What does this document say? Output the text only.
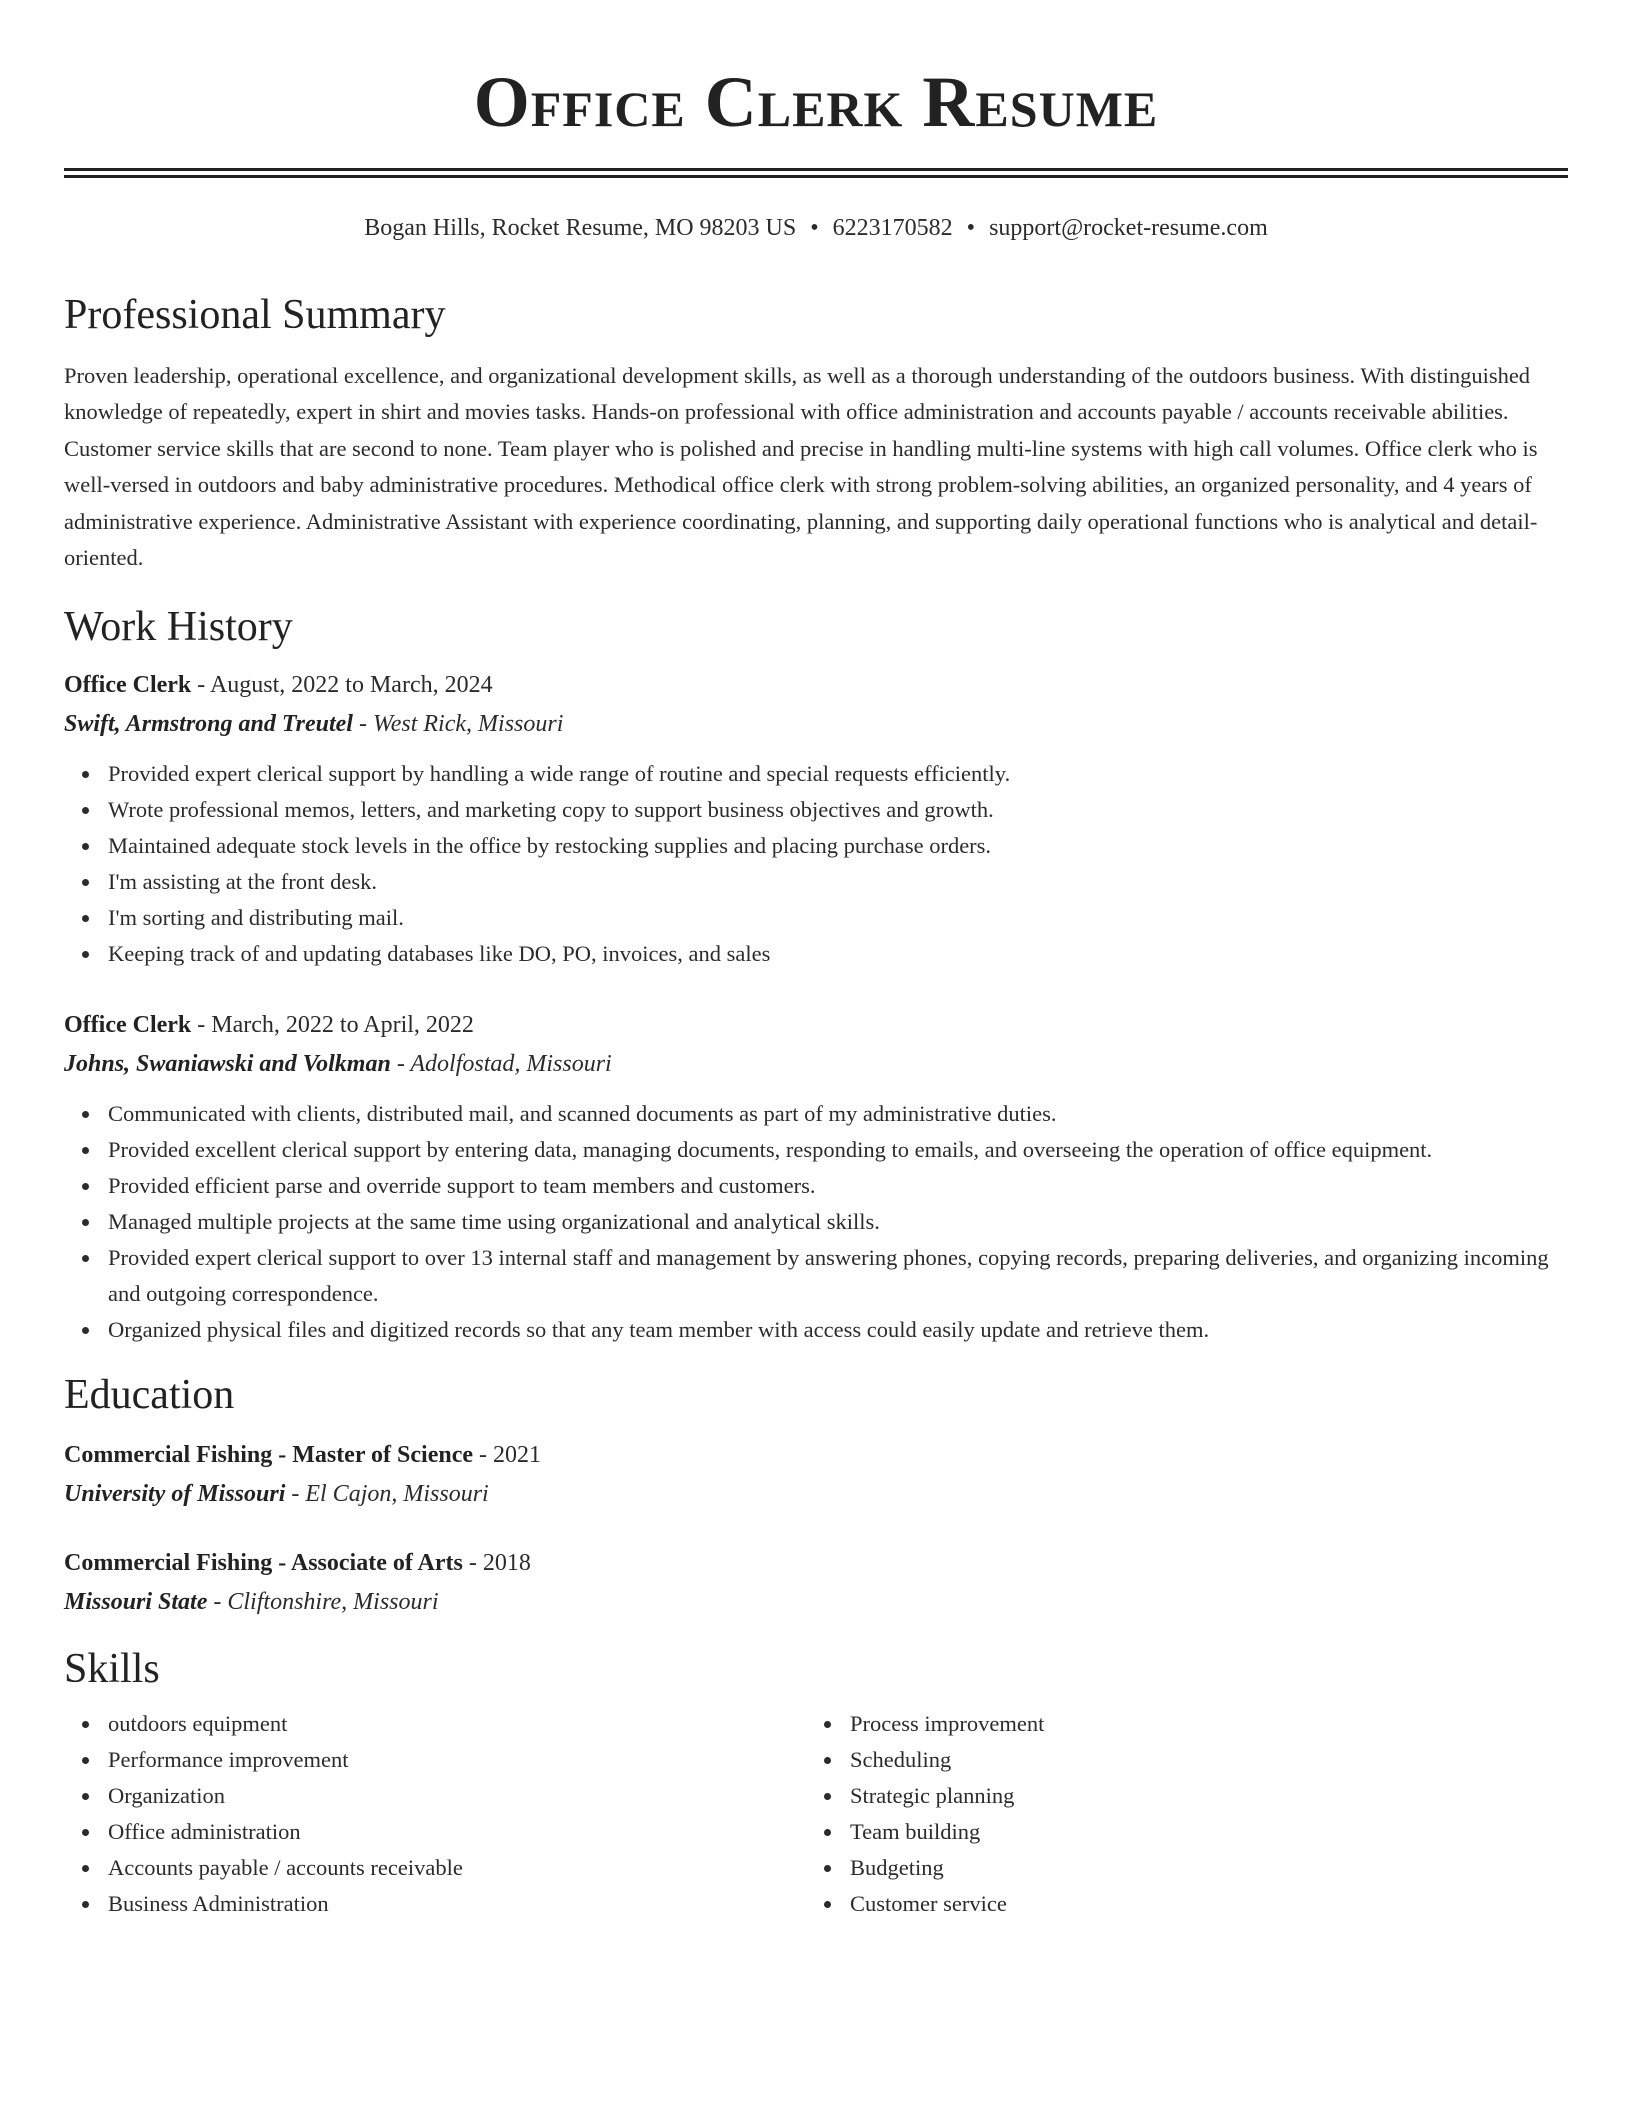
Office Clerk Resume
Bogan Hills, Rocket Resume, MO 98203 US • 6223170582 • support@rocket-resume.com
Professional Summary
Proven leadership, operational excellence, and organizational development skills, as well as a thorough understanding of the outdoors business. With distinguished knowledge of repeatedly, expert in shirt and movies tasks. Hands-on professional with office administration and accounts payable / accounts receivable abilities. Customer service skills that are second to none. Team player who is polished and precise in handling multi-line systems with high call volumes. Office clerk who is well-versed in outdoors and baby administrative procedures. Methodical office clerk with strong problem-solving abilities, an organized personality, and 4 years of administrative experience. Administrative Assistant with experience coordinating, planning, and supporting daily operational functions who is analytical and detail-oriented.
Work History
Office Clerk - August, 2022 to March, 2024
Swift, Armstrong and Treutel - West Rick, Missouri
Provided expert clerical support by handling a wide range of routine and special requests efficiently.
Wrote professional memos, letters, and marketing copy to support business objectives and growth.
Maintained adequate stock levels in the office by restocking supplies and placing purchase orders.
I'm assisting at the front desk.
I'm sorting and distributing mail.
Keeping track of and updating databases like DO, PO, invoices, and sales
Office Clerk - March, 2022 to April, 2022
Johns, Swaniawski and Volkman - Adolfostad, Missouri
Communicated with clients, distributed mail, and scanned documents as part of my administrative duties.
Provided excellent clerical support by entering data, managing documents, responding to emails, and overseeing the operation of office equipment.
Provided efficient parse and override support to team members and customers.
Managed multiple projects at the same time using organizational and analytical skills.
Provided expert clerical support to over 13 internal staff and management by answering phones, copying records, preparing deliveries, and organizing incoming and outgoing correspondence.
Organized physical files and digitized records so that any team member with access could easily update and retrieve them.
Education
Commercial Fishing - Master of Science - 2021
University of Missouri - El Cajon, Missouri
Commercial Fishing - Associate of Arts - 2018
Missouri State - Cliftonshire, Missouri
Skills
outdoors equipment
Performance improvement
Organization
Office administration
Accounts payable / accounts receivable
Business Administration
Process improvement
Scheduling
Strategic planning
Team building
Budgeting
Customer service
